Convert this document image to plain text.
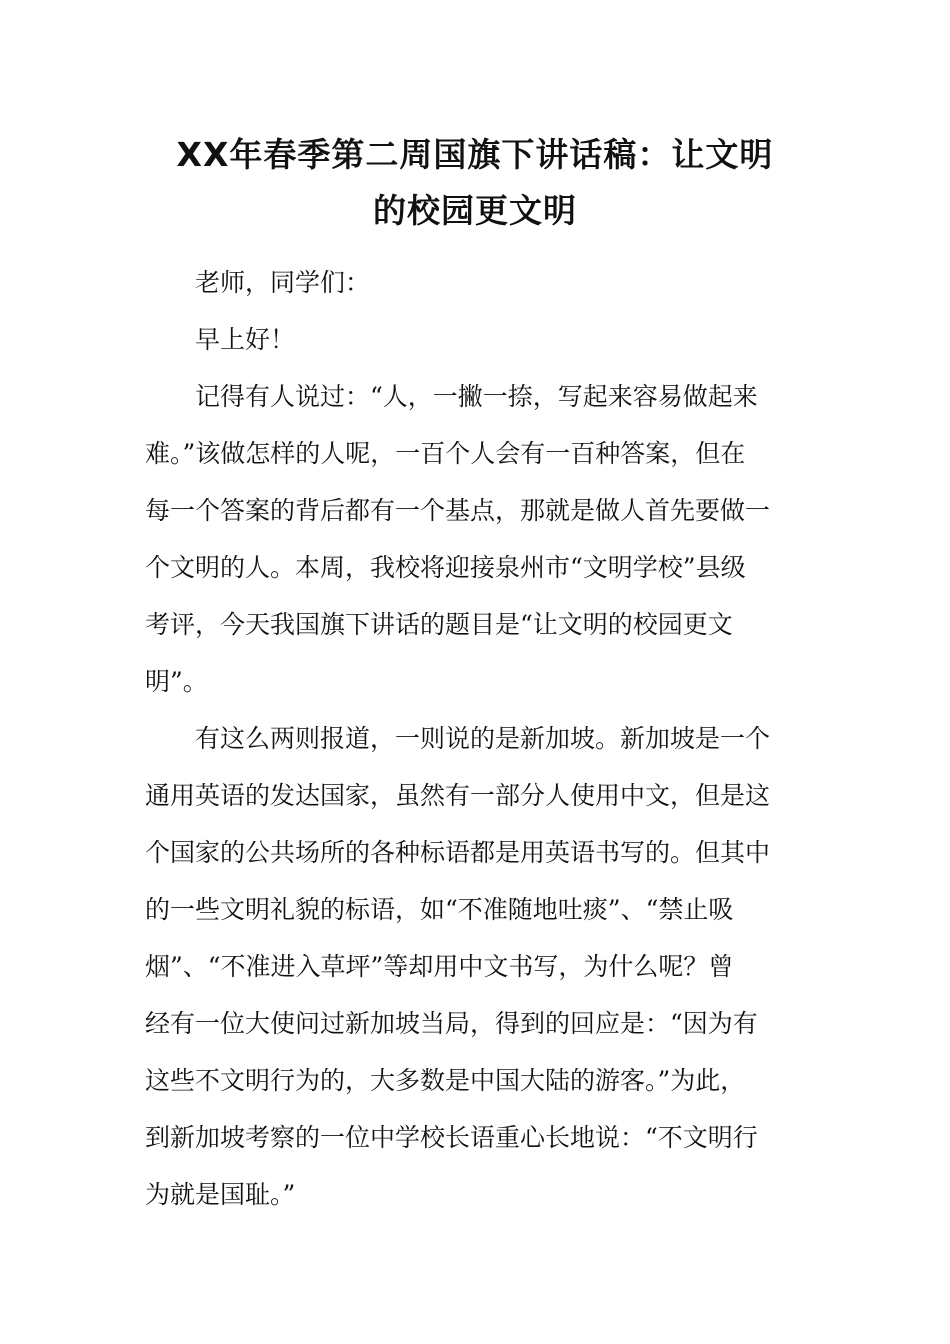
XX年春季第二周国旗下讲话稿：让文明
的校园更文明

老师，同学们：

早上好！

记得有人说过：“人，一撇一捺，写起来容易做起来

难。”该做怎样的人呢，一百个人会有一百种答案，但在

每一个答案的背后都有一个基点，那就是做人首先要做一

个文明的人。本周，我校将迎接泉州市“文明学校”县级

考评，今天我国旗下讲话的题目是“让文明的校园更文

明”。

有这么两则报道，一则说的是新加坡。新加坡是一个

通用英语的发达国家，虽然有一部分人使用中文，但是这

个国家的公共场所的各种标语都是用英语书写的。但其中

的一些文明礼貌的标语，如“不准随地吐痰”、“禁止吸

烟”、“不准进入草坪”等却用中文书写，为什么呢？曾

经有一位大使问过新加坡当局，得到的回应是：“因为有

这些不文明行为的，大多数是中国大陆的游客。”为此，

到新加坡考察的一位中学校长语重心长地说：“不文明行

为就是国耻。”
